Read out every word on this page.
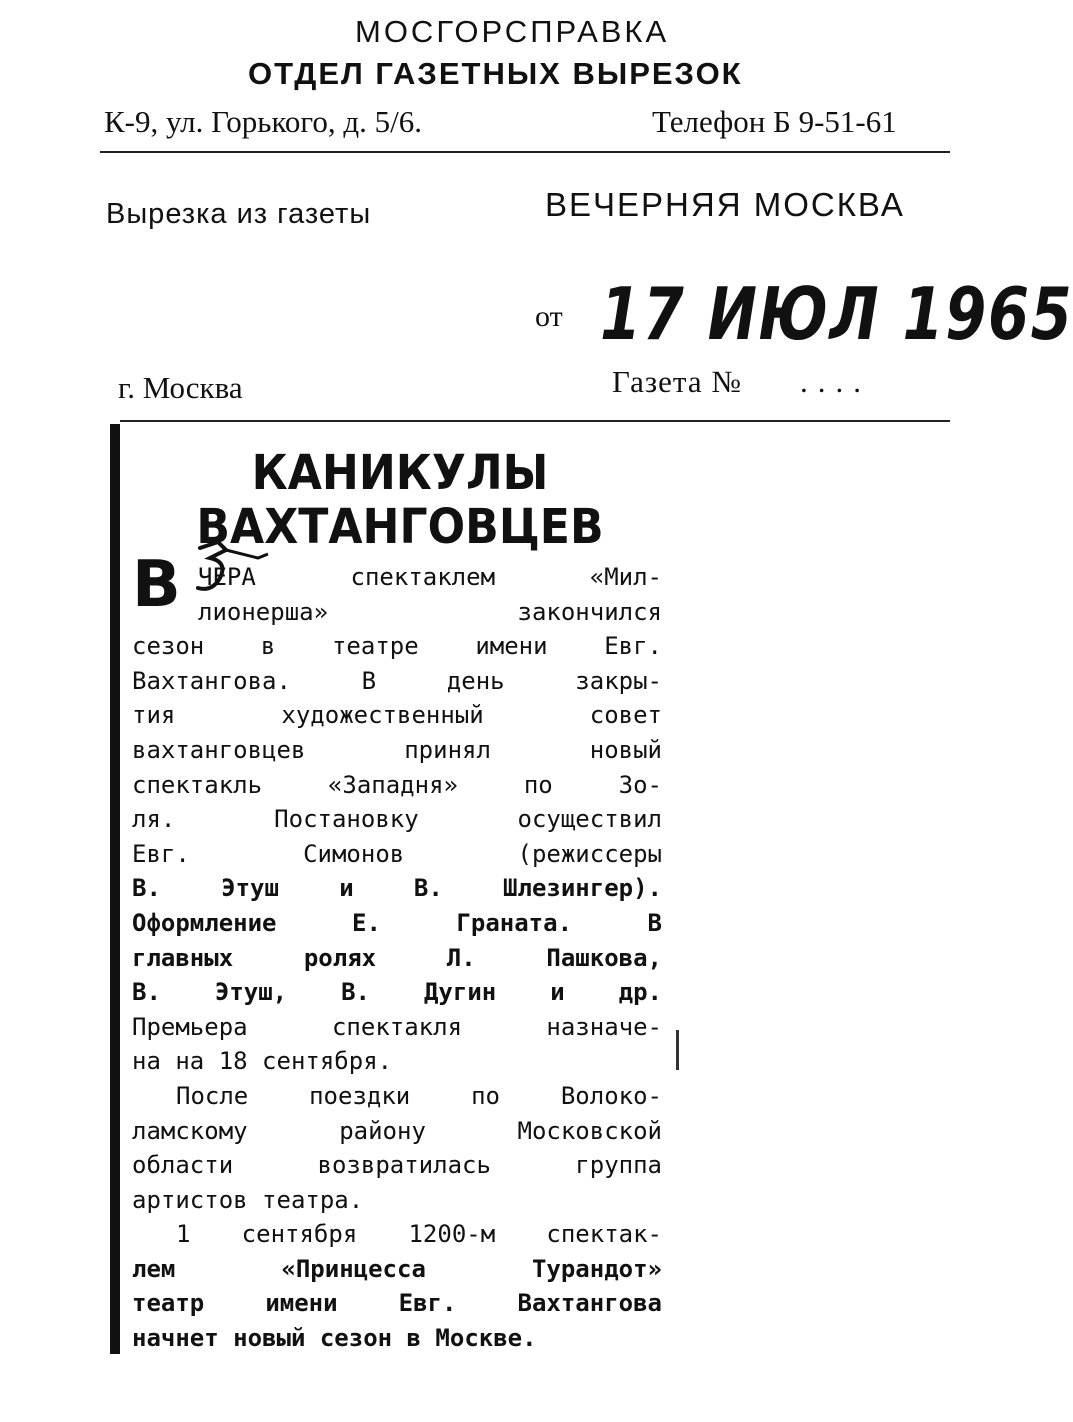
МОСГОРСПРАВКА
ОТДЕЛ ГАЗЕТНЫХ ВЫРЕЗОК
К-9, ул. Горького, д. 5/6.	Телефон Б 9-51-61
Вырезка из газеты	ВЕЧЕРНЯЯ МОСКВА
от 17 ИЮЛ 1965
г. Москва	Газета № ....
КАНИКУЛЫ
ВАХТАНГОВЦЕВ
В ЧЕРА спектаклем «Мил-
лионерша» закончился
сезон в театре имени Евг.
Вахтангова. В день закры-
тия художественный совет
вахтанговцев принял новый
спектакль «Западня» по Зо-
ля. Постановку осуществил
Евг. Симонов (режиссеры
В. Этуш и В. Шлезингер).
Оформление Е. Граната. В
главных ролях Л. Пашкова,
В. Этуш, В. Дугин и др.
Премьера спектакля назначе-
на на 18 сентября.
После поездки по Волоко-
ламскому району Московской
области возвратилась группа
артистов театра.
1 сентября 1200-м спектак-
лем «Принцесса Турандот»
театр имени Евг. Вахтангова
начнет новый сезон в Москве.
